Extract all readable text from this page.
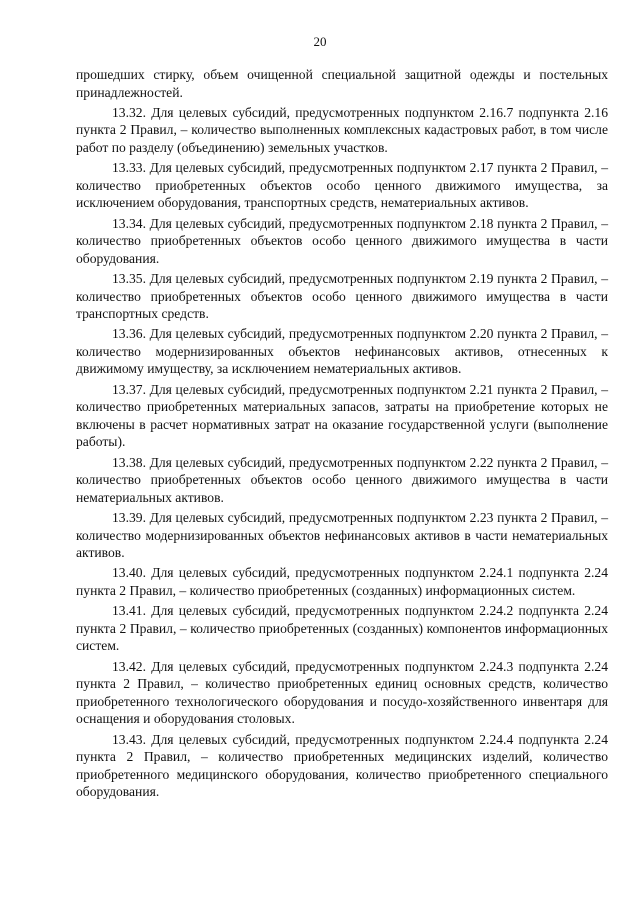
20

прошедших стирку, объем очищенной специальной защитной одежды и постельных принадлежностей.

13.32. Для целевых субсидий, предусмотренных подпунктом 2.16.7 подпункта 2.16 пункта 2 Правил, – количество выполненных комплексных кадастровых работ, в том числе работ по разделу (объединению) земельных участков.

13.33. Для целевых субсидий, предусмотренных подпунктом 2.17 пункта 2 Правил, – количество приобретенных объектов особо ценного движимого имущества, за исключением оборудования, транспортных средств, нематериальных активов.

13.34. Для целевых субсидий, предусмотренных подпунктом 2.18 пункта 2 Правил, – количество приобретенных объектов особо ценного движимого имущества в части оборудования.

13.35. Для целевых субсидий, предусмотренных подпунктом 2.19 пункта 2 Правил, – количество приобретенных объектов особо ценного движимого имущества в части транспортных средств.

13.36. Для целевых субсидий, предусмотренных подпунктом 2.20 пункта 2 Правил, – количество модернизированных объектов нефинансовых активов, отнесенных к движимому имуществу, за исключением нематериальных активов.

13.37. Для целевых субсидий, предусмотренных подпунктом 2.21 пункта 2 Правил, – количество приобретенных материальных запасов, затраты на приобретение которых не включены в расчет нормативных затрат на оказание государственной услуги (выполнение работы).

13.38. Для целевых субсидий, предусмотренных подпунктом 2.22 пункта 2 Правил, – количество приобретенных объектов особо ценного движимого имущества в части нематериальных активов.

13.39. Для целевых субсидий, предусмотренных подпунктом 2.23 пункта 2 Правил, – количество модернизированных объектов нефинансовых активов в части нематериальных активов.

13.40. Для целевых субсидий, предусмотренных подпунктом 2.24.1 подпункта 2.24 пункта 2 Правил, – количество приобретенных (созданных) информационных систем.

13.41. Для целевых субсидий, предусмотренных подпунктом 2.24.2 подпункта 2.24 пункта 2 Правил, – количество приобретенных (созданных) компонентов информационных систем.

13.42. Для целевых субсидий, предусмотренных подпунктом 2.24.3 подпункта 2.24 пункта 2 Правил, – количество приобретенных единиц основных средств, количество приобретенного технологического оборудования и посудо-хозяйственного инвентаря для оснащения и оборудования столовых.

13.43. Для целевых субсидий, предусмотренных подпунктом 2.24.4 подпункта 2.24 пункта 2 Правил, – количество приобретенных медицинских изделий, количество приобретенного медицинского оборудования, количество приобретенного специального оборудования.
